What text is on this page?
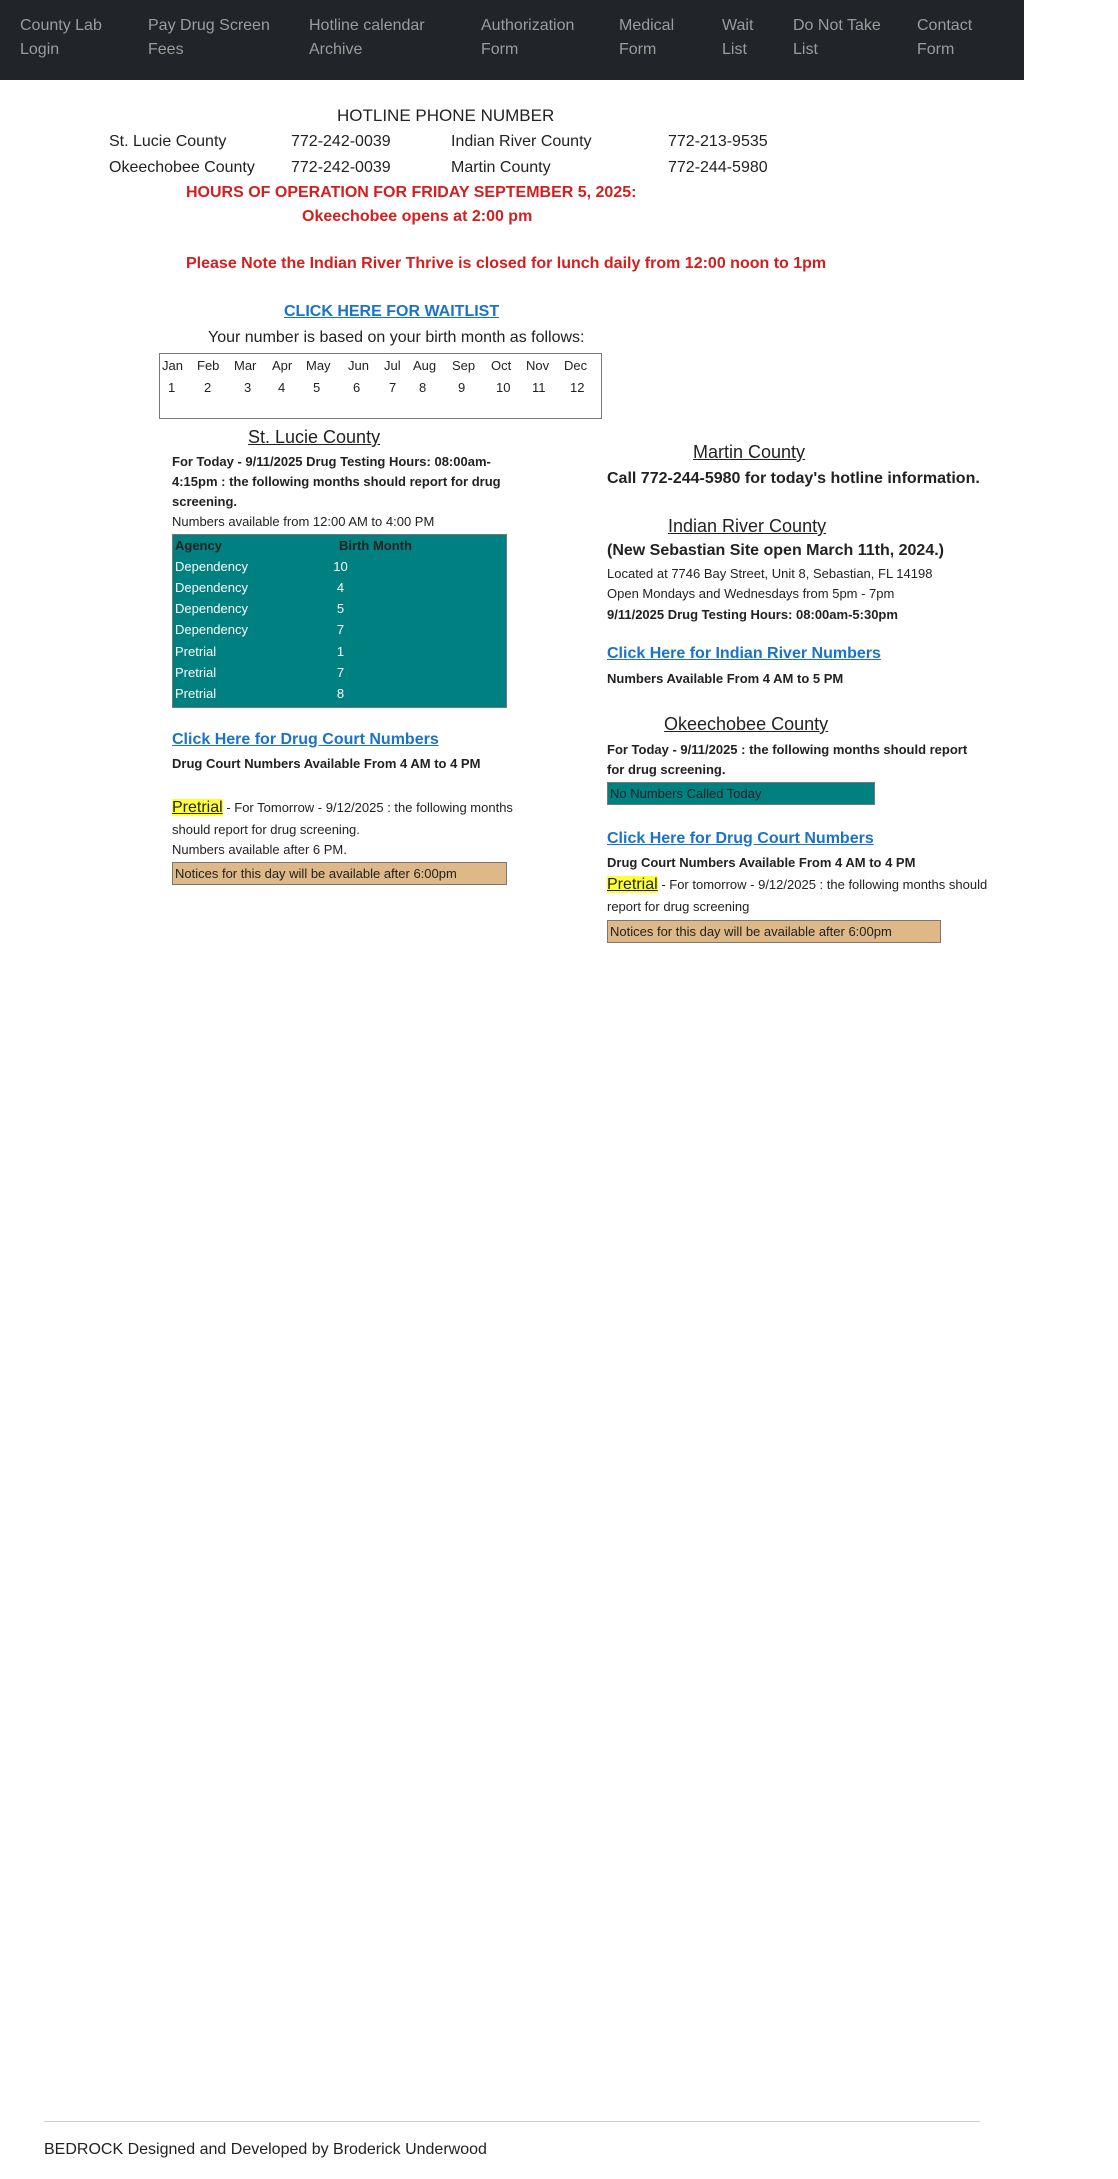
County Lab
Login
Pay Drug Screen
Fees
Hotline calendar
Archive
Authorization
Form
Medical
Form
Wait
List
Do Not Take
List
Contact
Form
HOTLINE PHONE NUMBER
St. Lucie County	772-242-0039	Indian River County	772-213-9535
Okeechobee County 772-242-0039	Martin County	772-244-5980
HOURS OF OPERATION FOR FRIDAY SEPTEMBER 5, 2025:
Okeechobee opens at 2:00 pm
Please Note the Indian River Thrive is closed for lunch daily from 12:00 noon to 1pm
CLICK HERE FOR WAITLIST
Your number is based on your birth month as follows:
Jan Feb Mar Apr May Jun Jul Aug Sep Oct Nov Dec
1 2	3 4 5	6 7 8 9 10 11 12
St. Lucie County
For Today - 9/11/2025 Drug Testing Hours: 08:00am-
4:15pm : the following months should report for drug
screening.
Numbers available from 12:00 AM to 4:00 PM
Agency	Birth Month
Dependency	10
Dependency	4
Dependency	5
Dependency	7
Pretrial	1
Pretrial	7
Pretrial	8
Click Here for Drug Court Numbers
Drug Court Numbers Available From 4 AM to 4 PM
Pretrial - For Tomorrow - 9/12/2025 : the following months
should report for drug screening.
Numbers available after 6 PM.
Notices for this day will be available after 6:00pm
Martin County
Call 772-244-5980 for today's hotline information.
Indian River County
(New Sebastian Site open March 11th, 2024.)
Located at 7746 Bay Street, Unit 8, Sebastian, FL 14198
Open Mondays and Wednesdays from 5pm - 7pm
9/11/2025 Drug Testing Hours: 08:00am-5:30pm
Click Here for Indian River Numbers
Numbers Available From 4 AM to 5 PM
Okeechobee County
For Today - 9/11/2025 : the following months should report
for drug screening.
No Numbers Called Today
Click Here for Drug Court Numbers
Drug Court Numbers Available From 4 AM to 4 PM
Pretrial - For tomorrow - 9/12/2025 : the following months should
report for drug screening
Notices for this day will be available after 6:00pm
BEDROCK Designed and Developed by Broderick Underwood
